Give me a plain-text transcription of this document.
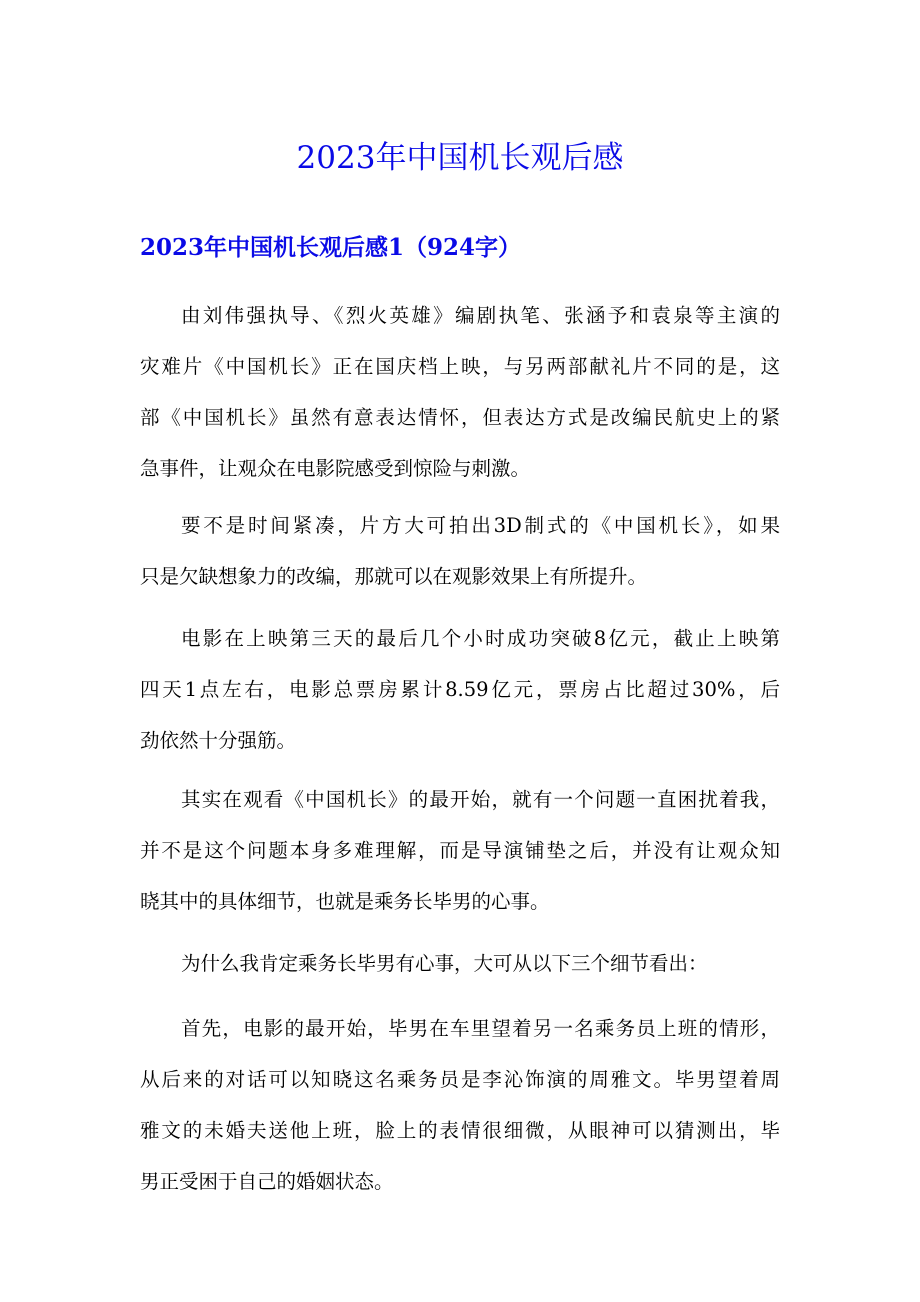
2023年中国机长观后感
2023年中国机长观后感1（924字）

由刘伟强执导、《烈火英雄》编剧执笔、张涵予和袁泉等主演的
灾难片《中国机长》正在国庆档上映，与另两部献礼片不同的是，这
部《中国机长》虽然有意表达情怀，但表达方式是改编民航史上的紧
急事件，让观众在电影院感受到惊险与刺激。

要不是时间紧凑，片方大可拍出3D制式的《中国机长》，如果
只是欠缺想象力的改编，那就可以在观影效果上有所提升。

电影在上映第三天的最后几个小时成功突破8亿元，截止上映第
四天1点左右，电影总票房累计8.59亿元，票房占比超过30%，后
劲依然十分强筋。

其实在观看《中国机长》的最开始，就有一个问题一直困扰着我，
并不是这个问题本身多难理解，而是导演铺垫之后，并没有让观众知
晓其中的具体细节，也就是乘务长毕男的心事。

为什么我肯定乘务长毕男有心事，大可从以下三个细节看出：

首先，电影的最开始，毕男在车里望着另一名乘务员上班的情形，
从后来的对话可以知晓这名乘务员是李沁饰演的周雅文。毕男望着周
雅文的未婚夫送他上班，脸上的表情很细微，从眼神可以猜测出，毕
男正受困于自己的婚姻状态。
